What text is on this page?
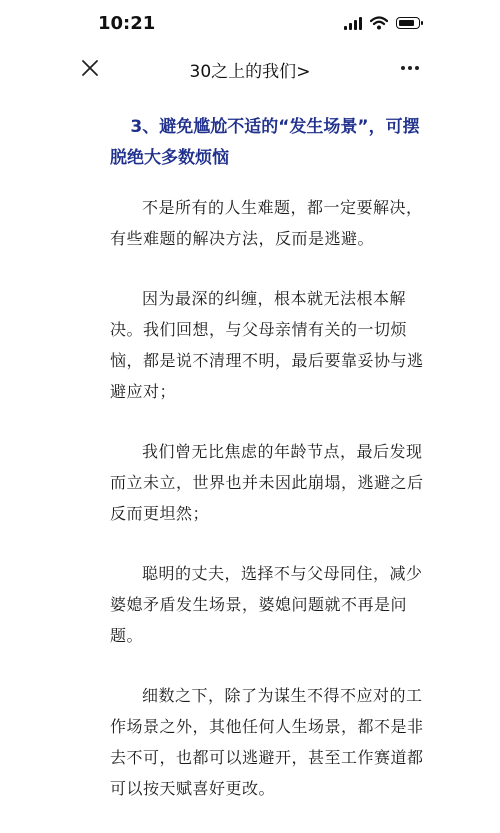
10:21
30之上的我们>

3、避免尴尬不适的“发生场景”，可摆脱绝大多数烦恼

不是所有的人生难题，都一定要解决，有些难题的解决方法，反而是逃避。

因为最深的纠缠，根本就无法根本解决。我们回想，与父母亲情有关的一切烦恼，都是说不清理不明，最后要靠妥协与逃避应对；

我们曾无比焦虑的年龄节点，最后发现而立未立，世界也并未因此崩塌，逃避之后反而更坦然；

聪明的丈夫，选择不与父母同住，减少婆媳矛盾发生场景，婆媳问题就不再是问题。

细数之下，除了为谋生不得不应对的工作场景之外，其他任何人生场景，都不是非去不可，也都可以逃避开，甚至工作赛道都可以按天赋喜好更改。
